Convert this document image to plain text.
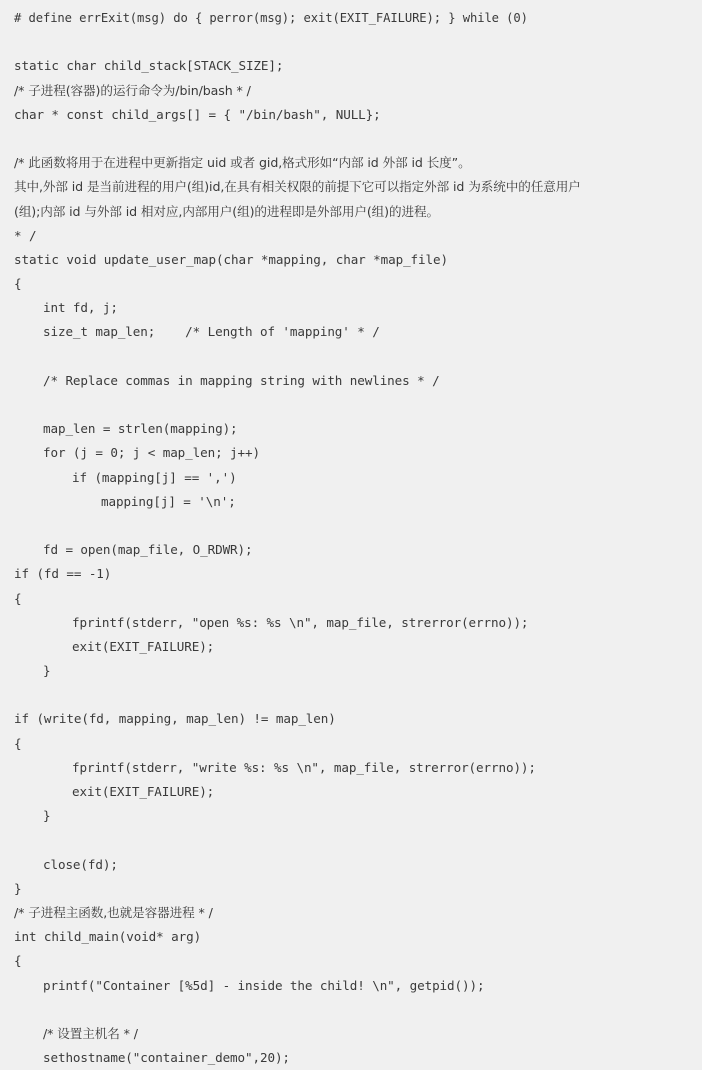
# define errExit(msg) do { perror(msg); exit(EXIT_FAILURE); } while (0)
static char child_stack[STACK_SIZE];
/* 子进程(容器)的运行命令为/bin/bash * /
char * const child_args[] = { "/bin/bash", NULL};
/* 此函数将用于在进程中更新指定 uid 或者 gid,格式形如“内部 id 外部 id 长度”。
其中,外部 id 是当前进程的用户(组)id,在具有相关权限的前提下它可以指定外部 id 为系统中的任意用户
(组);内部 id 与外部 id 相对应,内部用户(组)的进程即是外部用户(组)的进程。
* /
static void update_user_map(char *mapping, char *map_file)
{
int fd, j;
size_t map_len;    /* Length of 'mapping' * /
/* Replace commas in mapping string with newlines * /
map_len = strlen(mapping);
for (j = 0; j < map_len; j++)
if (mapping[j] == ',')
mapping[j] = '\n';
fd = open(map_file, O_RDWR);
if (fd == -1)
{
fprintf(stderr, "open %s: %s \n", map_file, strerror(errno));
exit(EXIT_FAILURE);
}
if (write(fd, mapping, map_len) != map_len)
{
fprintf(stderr, "write %s: %s \n", map_file, strerror(errno));
exit(EXIT_FAILURE);
}
close(fd);
}
/* 子进程主函数,也就是容器进程 * /
int child_main(void* arg)
{
printf("Container [%5d] - inside the child! \n", getpid());
/* 设置主机名 * /
sethostname("container_demo",20);
